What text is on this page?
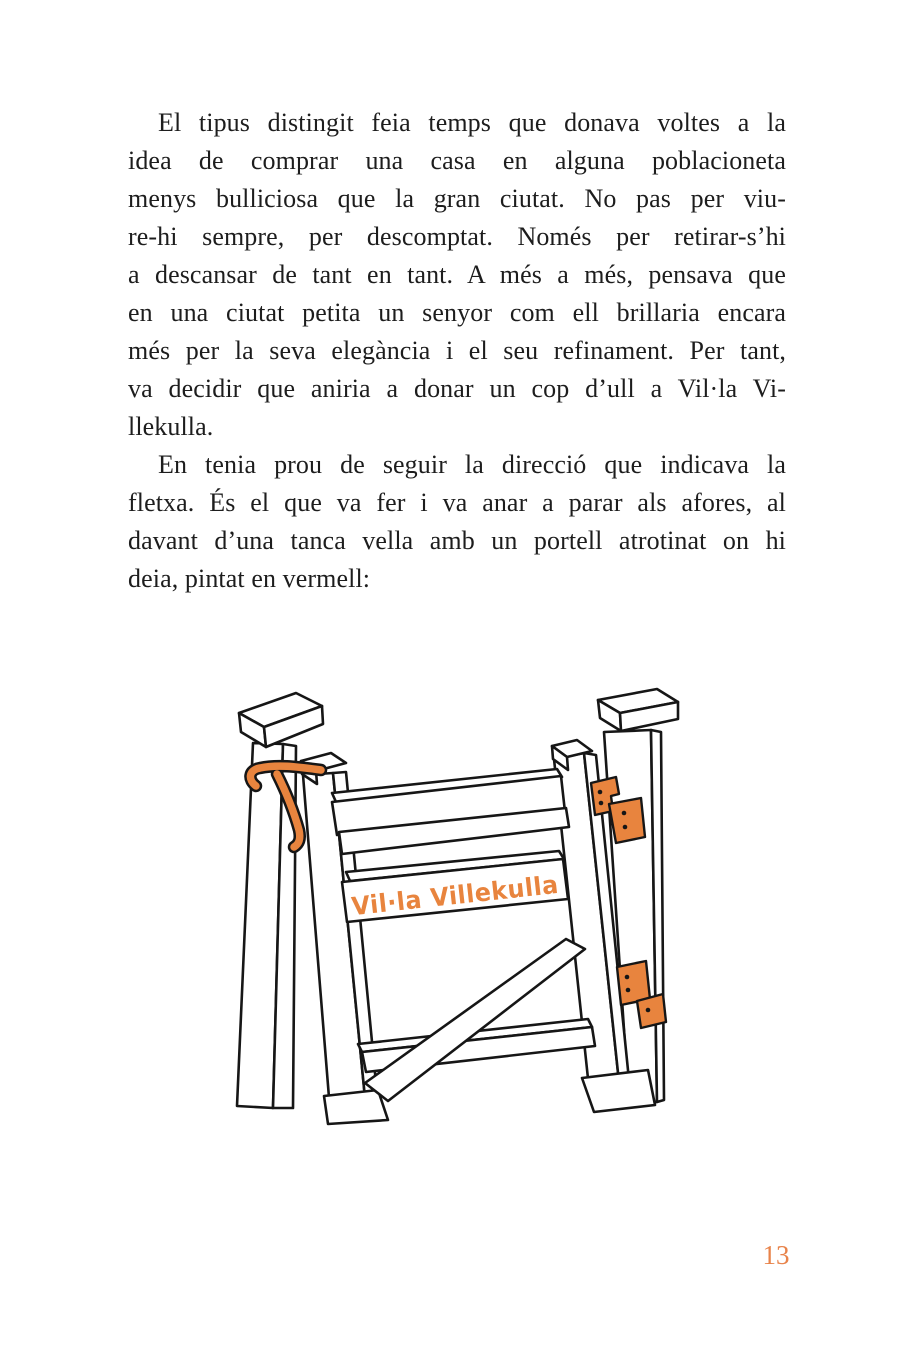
El tipus distingit feia temps que donava voltes a la
idea de comprar una casa en alguna poblacioneta
menys bulliciosa que la gran ciutat. No pas per viu-
re-hi sempre, per descomptat. Només per retirar-s’hi
a descansar de tant en tant. A més a més, pensava que
en una ciutat petita un senyor com ell brillaria encara
més per la seva elegància i el seu refinament. Per tant,
va decidir que aniria a donar un cop d’ull a Vil·la Vi-
llekulla.
En tenia prou de seguir la direcció que indicava la
fletxa. És el que va fer i va anar a parar als afores, al
davant d’una tanca vella amb un portell atrotinat on hi
deia, pintat en vermell:
Vil·la Villekulla
13
